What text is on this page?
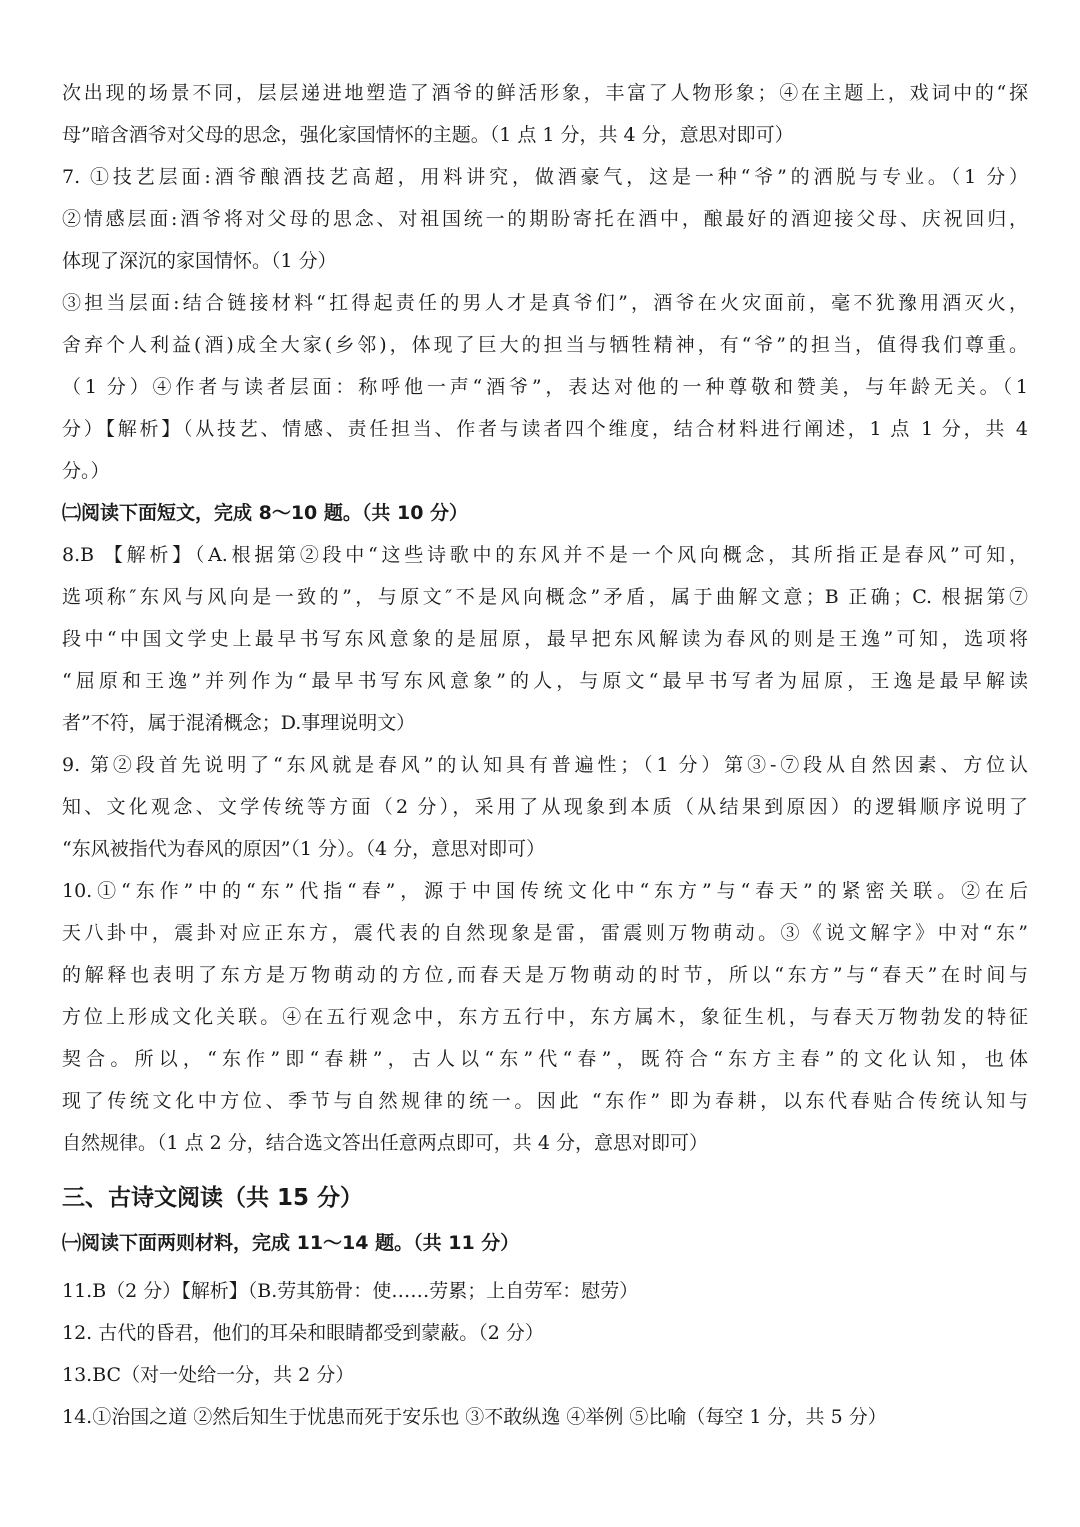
次出现的场景不同，层层递进地塑造了酒爷的鲜活形象，丰富了人物形象；④在主题上，戏词中的“探
母”暗含酒爷对父母的思念，强化家国情怀的主题。（1 点 1 分，共 4 分，意思对即可）
7. ①技艺层面:酒爷酿酒技艺高超，用料讲究，做酒豪气，这是一种“爷”的洒脱与专业。（1 分）
②情感层面:酒爷将对父母的思念、对祖国统一的期盼寄托在酒中，酿最好的酒迎接父母、庆祝回归，
体现了深沉的家国情怀。（1 分）
③担当层面:结合链接材料“扛得起责任的男人才是真爷们”，酒爷在火灾面前，毫不犹豫用酒灭火，
舍弃个人利益(酒)成全大家(乡邻)，体现了巨大的担当与牺牲精神，有“爷”的担当，值得我们尊重。
（1 分）④作者与读者层面：称呼他一声“酒爷”，表达对他的一种尊敬和赞美，与年龄无关。（1
分）【解析】（从技艺、情感、责任担当、作者与读者四个维度，结合材料进行阐述，1 点 1 分，共 4
分。）
㈡阅读下面短文，完成 8～10 题。（共 10 分）
8.B 【解析】（A.根据第②段中“这些诗歌中的东风并不是一个风向概念，其所指正是春风”可知，
选项称″东风与风向是一致的”，与原文″不是风向概念”矛盾，属于曲解文意；B 正确；C. 根据第⑦
段中“中国文学史上最早书写东风意象的是屈原，最早把东风解读为春风的则是王逸”可知，选项将
“屈原和王逸”并列作为“最早书写东风意象”的人，与原文“最早书写者为屈原，王逸是最早解读
者”不符，属于混淆概念；D.事理说明文）
9. 第②段首先说明了“东风就是春风”的认知具有普遍性；（1 分）第③-⑦段从自然因素、方位认
知、文化观念、文学传统等方面（2 分），采用了从现象到本质（从结果到原因）的逻辑顺序说明了
“东风被指代为春风的原因”（1 分）。（4 分，意思对即可）
10.①“东作”中的“东”代指“春”，源于中国传统文化中“东方”与“春天”的紧密关联。②在后
天八卦中，震卦对应正东方，震代表的自然现象是雷，雷震则万物萌动。③《说文解字》中对“东”
的解释也表明了东方是万物萌动的方位,而春天是万物萌动的时节，所以“东方”与“春天”在时间与
方位上形成文化关联。④在五行观念中，东方五行中，东方属木，象征生机，与春天万物勃发的特征
契合。所以，“东作”即“春耕”，古人以“东”代“春”，既符合“东方主春”的文化认知，也体
现了传统文化中方位、季节与自然规律的统一。因此 “东作” 即为春耕，以东代春贴合传统认知与
自然规律。（1 点 2 分，结合选文答出任意两点即可，共 4 分，意思对即可）
三、古诗文阅读（共 15 分）
㈠阅读下面两则材料，完成 11～14 题。（共 11 分）
11.B（2 分）【解析】（B.劳其筋骨：使……劳累；上自劳军：慰劳）
12. 古代的昏君，他们的耳朵和眼睛都受到蒙蔽。（2 分）
13.BC（对一处给一分，共 2 分）
14.①治国之道 ②然后知生于忧患而死于安乐也 ③不敢纵逸 ④举例 ⑤比喻（每空 1 分，共 5 分）
